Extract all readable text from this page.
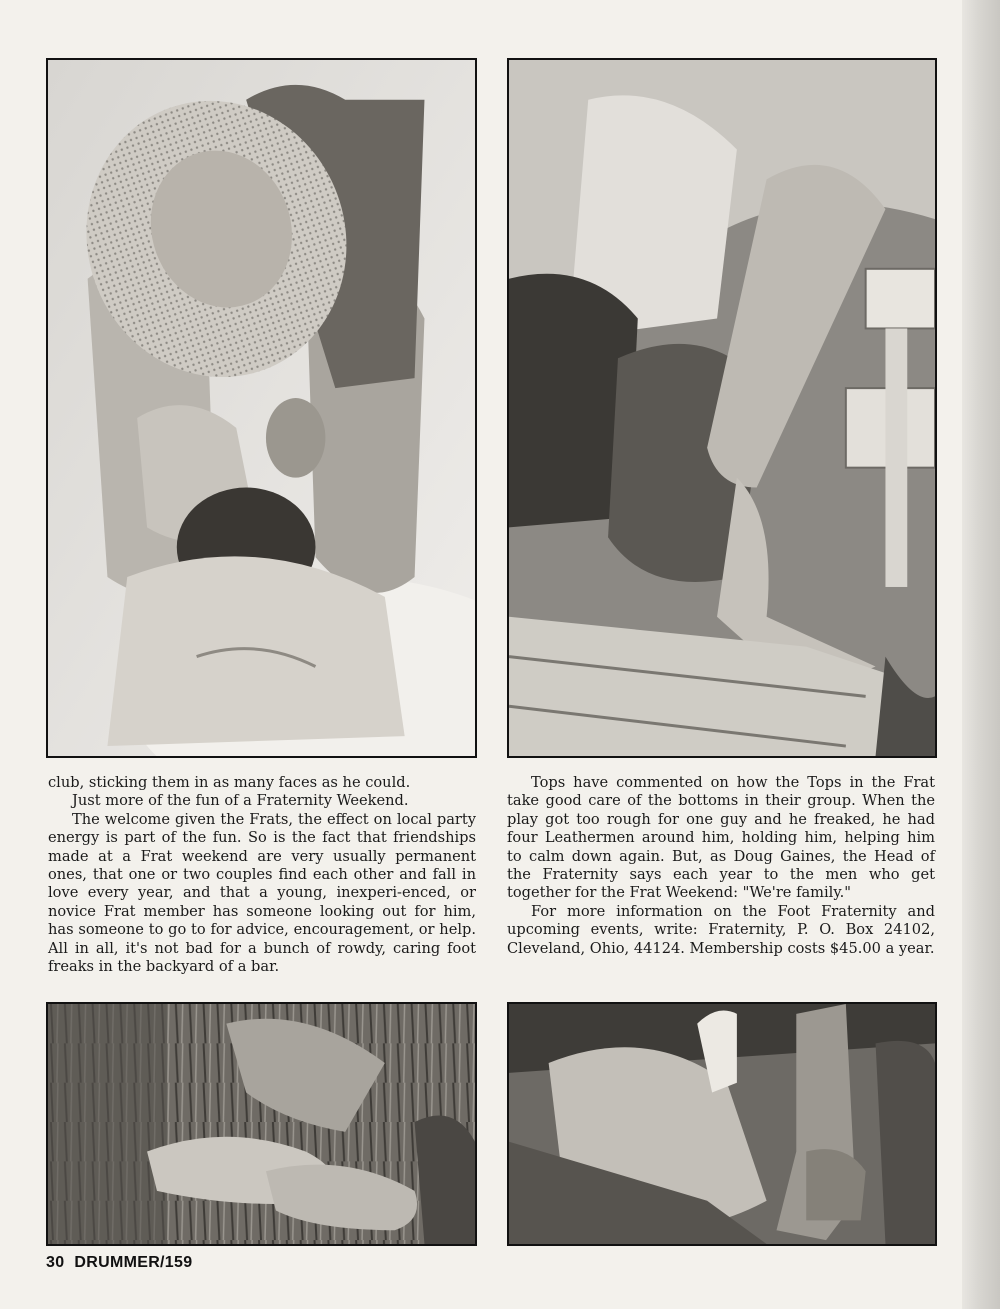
club, sticking them in as many faces as he could.

Just more of the fun of a Fraternity Weekend.

The welcome given the Frats, the effect on local party energy is part of the fun. So is the fact that friendships made at a Frat weekend are very usually permanent ones, that one or two couples find each other and fall in love every year, and that a young, inexperi-enced, or novice Frat member has someone looking out for him, has someone to go to for advice, encouragement, or help. All in all, it's not bad for a bunch of rowdy, caring foot freaks in the backyard of a bar.

Tops have commented on how the Tops in the Frat take good care of the bottoms in their group. When the play got too rough for one guy and he freaked, he had four Leathermen around him, holding him, helping him to calm down again. But, as Doug Gaines, the Head of the Fraternity says each year to the men who get together for the Frat Weekend: "We're family."

For more information on the Foot Fraternity and upcoming events, write: Fraternity, P. O. Box 24102, Cleveland, Ohio, 44124. Membership costs $45.00 a year.

30 DRUMMER/159
